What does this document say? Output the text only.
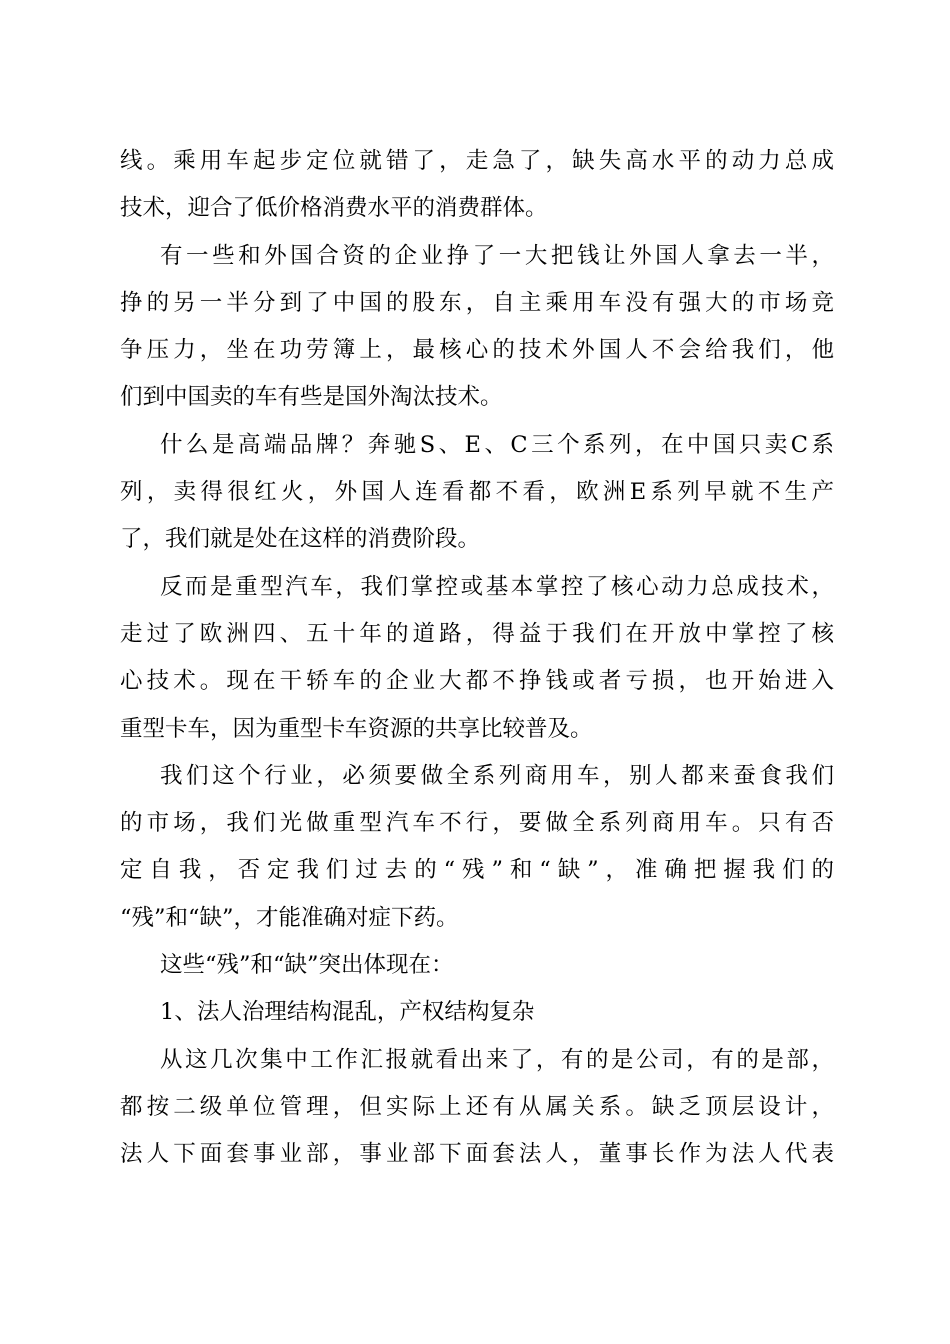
线。乘用车起步定位就错了，走急了，缺失高水平的动力总成
技术，迎合了低价格消费水平的消费群体。
有一些和外国合资的企业挣了一大把钱让外国人拿去一半，
挣的另一半分到了中国的股东，自主乘用车没有强大的市场竞
争压力，坐在功劳簿上，最核心的技术外国人不会给我们，他
们到中国卖的车有些是国外淘汰技术。
什么是高端品牌？奔驰S、E、C三个系列，在中国只卖C系
列，卖得很红火，外国人连看都不看，欧洲E系列早就不生产
了，我们就是处在这样的消费阶段。
反而是重型汽车，我们掌控或基本掌控了核心动力总成技术，
走过了欧洲四、五十年的道路，得益于我们在开放中掌控了核
心技术。现在干轿车的企业大都不挣钱或者亏损，也开始进入
重型卡车，因为重型卡车资源的共享比较普及。
我们这个行业，必须要做全系列商用车，别人都来蚕食我们
的市场，我们光做重型汽车不行，要做全系列商用车。只有否
定自我，否定我们过去的“残”和“缺”，准确把握我们的
“残”和“缺”，才能准确对症下药。
这些“残”和“缺”突出体现在：
1、法人治理结构混乱，产权结构复杂
从这几次集中工作汇报就看出来了，有的是公司，有的是部，
都按二级单位管理，但实际上还有从属关系。缺乏顶层设计，
法人下面套事业部，事业部下面套法人，董事长作为法人代表
